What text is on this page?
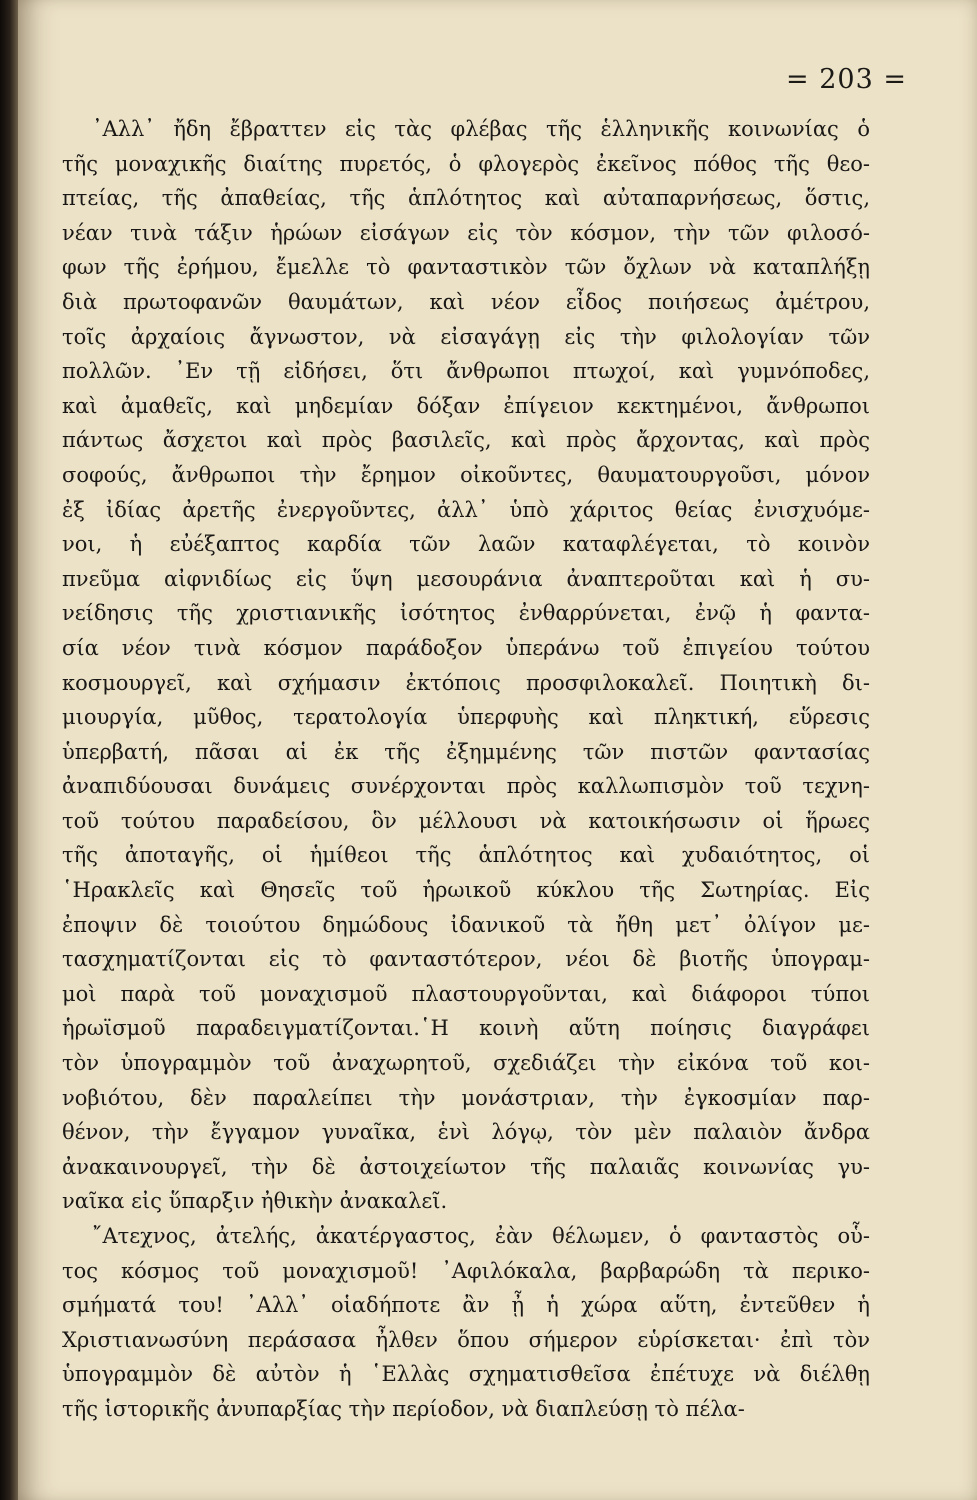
= 203 =
᾿Αλλ᾽ ἤδη ἔβραττεν εἰς τὰς φλέβας τῆς ἑλληνικῆς κοινωνίας ὁ
τῆς μοναχικῆς διαίτης πυρετός, ὁ φλογερὸς ἐκεῖνος πόθος τῆς θεο-
πτείας, τῆς ἀπαθείας, τῆς ἁπλότητος καὶ αὐταπαρνήσεως, ὅστις,
νέαν τινὰ τάξιν ἡρώων εἰσάγων εἰς τὸν κόσμον, τὴν τῶν φιλοσό-
φων τῆς ἐρήμου, ἔμελλε τὸ φανταστικὸν τῶν ὄχλων νὰ καταπλήξῃ
διὰ πρωτοφανῶν θαυμάτων, καὶ νέον εἶδος ποιήσεως ἀμέτρου,
τοῖς ἀρχαίοις ἄγνωστον, νὰ εἰσαγάγῃ εἰς τὴν φιλολογίαν τῶν
πολλῶν. ᾿Εν τῇ εἰδήσει, ὅτι ἄνθρωποι πτωχοί, καὶ γυμνόποδες,
καὶ ἀμαθεῖς, καὶ μηδεμίαν δόξαν ἐπίγειον κεκτημένοι, ἄνθρωποι
πάντως ἄσχετοι καὶ πρὸς βασιλεῖς, καὶ πρὸς ἄρχοντας, καὶ πρὸς
σοφούς, ἄνθρωποι τὴν ἔρημον οἰκοῦντες, θαυματουργοῦσι, μόνον
ἐξ ἰδίας ἀρετῆς ἐνεργοῦντες, ἀλλ᾽ ὑπὸ χάριτος θείας ἐνισχυόμε-
νοι, ἡ εὐέξαπτος καρδία τῶν λαῶν καταφλέγεται, τὸ κοινὸν
πνεῦμα αἰφνιδίως εἰς ὕψη μεσουράνια ἀναπτεροῦται καὶ ἡ συ-
νείδησις τῆς χριστιανικῆς ἰσότητος ἐνθαρρύνεται, ἐνῷ ἡ φαντα-
σία νέον τινὰ κόσμον παράδοξον ὑπεράνω τοῦ ἐπιγείου τούτου
κοσμουργεῖ, καὶ σχήμασιν ἐκτόποις προσφιλοκαλεῖ. Ποιητικὴ δι-
μιουργία, μῦθος, τερατολογία ὑπερφυὴς καὶ πληκτική, εὕρεσις
ὑπερβατή, πᾶσαι αἱ ἐκ τῆς ἐξημμένης τῶν πιστῶν φαντασίας
ἀναπιδύουσαι δυνάμεις συνέρχονται πρὸς καλλωπισμὸν τοῦ τεχνη-
τοῦ τούτου παραδείσου, ὃν μέλλουσι νὰ κατοικήσωσιν οἱ ἥρωες
τῆς ἀποταγῆς, οἱ ἡμίθεοι τῆς ἁπλότητος καὶ χυδαιότητος, οἱ
῾Ηρακλεῖς καὶ Θησεῖς τοῦ ἡρωικοῦ κύκλου τῆς Σωτηρίας. Εἰς
ἐποψιν δὲ τοιούτου δημώδους ἰδανικοῦ τὰ ἤθη μετ᾽ ὀλίγον με-
τασχηματίζονται εἰς τὸ φανταστότερον, νέοι δὲ βιοτῆς ὑπογραμ-
μοὶ παρὰ τοῦ μοναχισμοῦ πλαστουργοῦνται, καὶ διάφοροι τύποι
ἡρωϊσμοῦ παραδειγματίζονται.῾Η κοινὴ αὕτη ποίησις διαγράφει
τὸν ὑπογραμμὸν τοῦ ἀναχωρητοῦ, σχεδιάζει τὴν εἰκόνα τοῦ κοι-
νοβιότου, δὲν παραλείπει τὴν μονάστριαν, τὴν ἐγκοσμίαν παρ-
θένον, τὴν ἔγγαμον γυναῖκα, ἑνὶ λόγῳ, τὸν μὲν παλαιὸν ἄνδρα
ἀνακαινουργεῖ, τὴν δὲ ἀστοιχείωτον τῆς παλαιᾶς κοινωνίας γυ-
ναῖκα εἰς ὕπαρξιν ἠθικὴν ἀνακαλεῖ.
῎Ατεχνος, ἀτελής, ἀκατέργαστος, ἐὰν θέλωμεν, ὁ φανταστὸς οὗ-
τος κόσμος τοῦ μοναχισμοῦ! ᾿Αφιλόκαλα, βαρβαρώδη τὰ περικο-
σμήματά του! ᾿Αλλ᾽ οἱαδήποτε ἂν ᾖ ἡ χώρα αὕτη, ἐντεῦθεν ἡ
Χριστιανωσύνη περάσασα ἦλθεν ὅπου σήμερον εὑρίσκεται· ἐπὶ τὸν
ὑπογραμμὸν δὲ αὐτὸν ἡ ῾Ελλὰς σχηματισθεῖσα ἐπέτυχε νὰ διέλθῃ
τῆς ἱστορικῆς ἀνυπαρξίας τὴν περίοδον, νὰ διαπλεύσῃ τὸ πέλα-
